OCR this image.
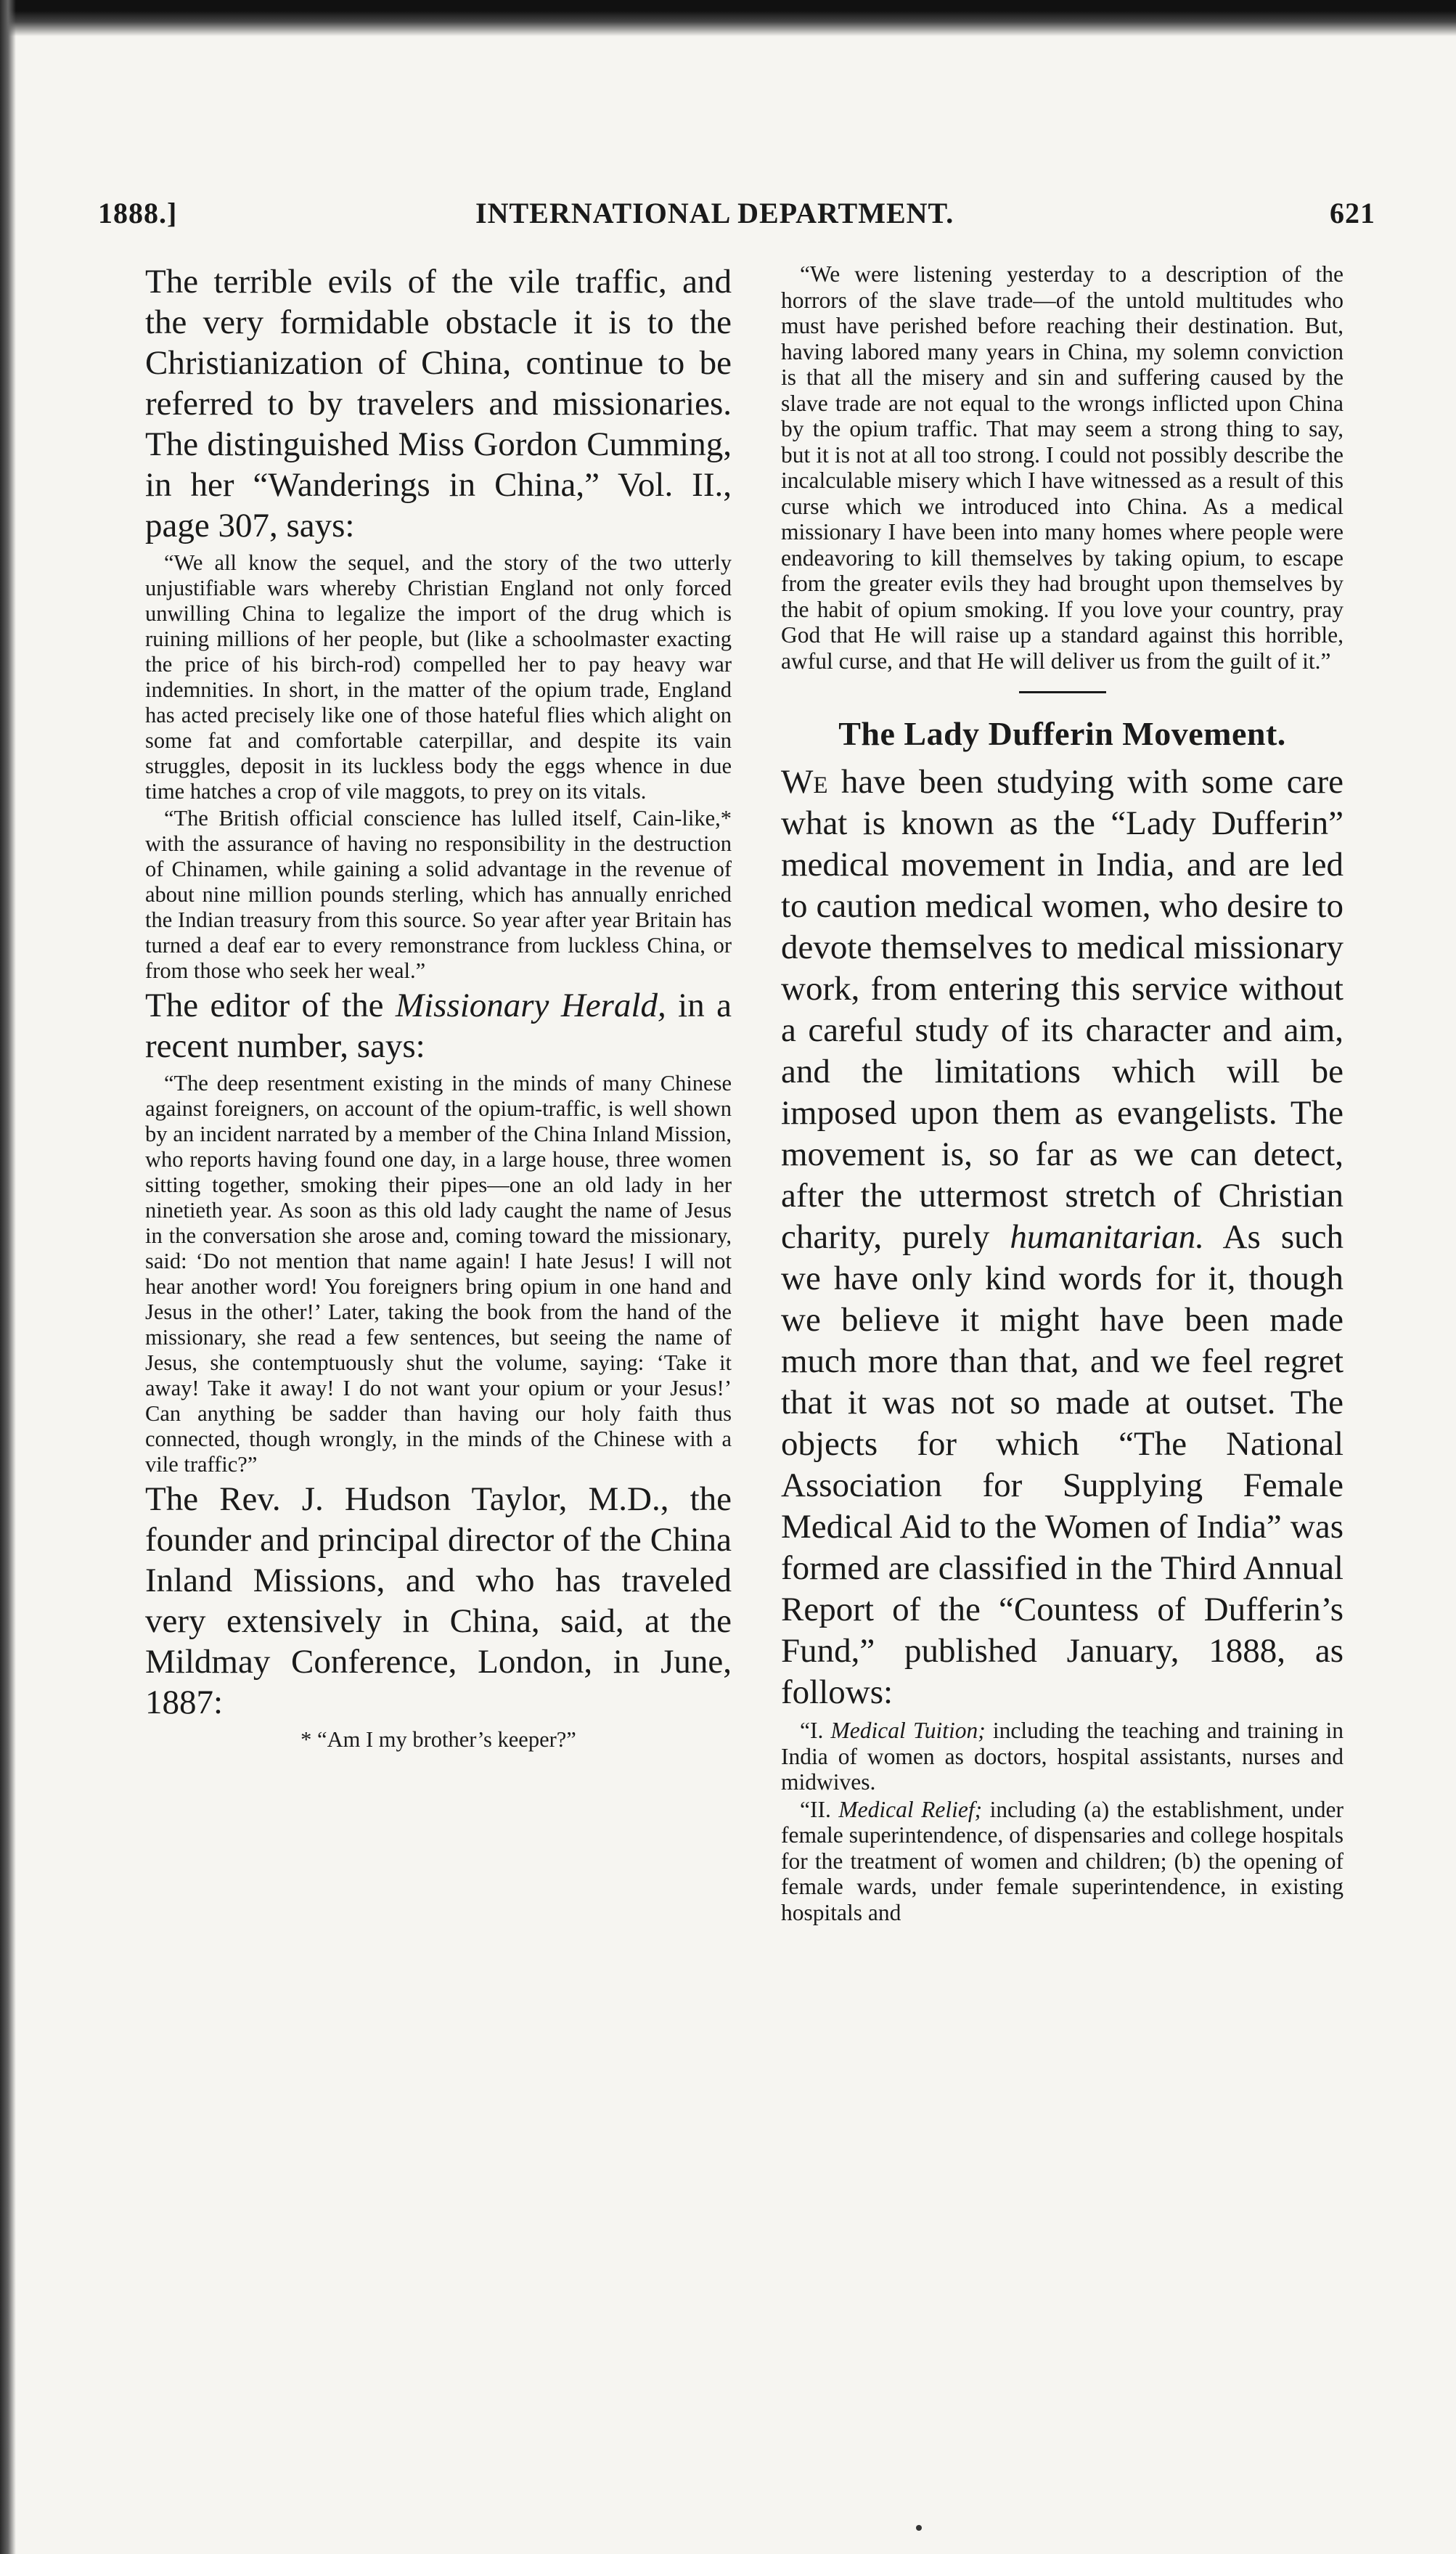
1888.]	INTERNATIONAL DEPARTMENT.	621

The terrible evils of the vile traffic, and the very formidable obstacle it is to the Christianization of China, continue to be referred to by travelers and missionaries. The distinguished Miss Gordon Cumming, in her “Wanderings in China,” Vol. II., page 307, says:

“We all know the sequel, and the story of the two utterly unjustifiable wars whereby Christian England not only forced unwilling China to legalize the import of the drug which is ruining millions of her people, but (like a schoolmaster exacting the price of his birch-rod) compelled her to pay heavy war indemnities. In short, in the matter of the opium trade, England has acted precisely like one of those hateful flies which alight on some fat and comfortable caterpillar, and despite its vain struggles, deposit in its luckless body the eggs whence in due time hatches a crop of vile maggots, to prey on its vitals.

“The British official conscience has lulled itself, Cain-like,* with the assurance of having no responsibility in the destruction of Chinamen, while gaining a solid advantage in the revenue of about nine million pounds sterling, which has annually enriched the Indian treasury from this source. So year after year Britain has turned a deaf ear to every remonstrance from luckless China, or from those who seek her weal.”

The editor of the Missionary Herald, in a recent number, says:

“The deep resentment existing in the minds of many Chinese against foreigners, on account of the opium-traffic, is well shown by an incident narrated by a member of the China Inland Mission, who reports having found one day, in a large house, three women sitting together, smoking their pipes—one an old lady in her ninetieth year. As soon as this old lady caught the name of Jesus in the conversation she arose and, coming toward the missionary, said: ‘Do not mention that name again! I hate Jesus! I will not hear another word! You foreigners bring opium in one hand and Jesus in the other!’ Later, taking the book from the hand of the missionary, she read a few sentences, but seeing the name of Jesus, she contemptuously shut the volume, saying: ‘Take it away! Take it away! I do not want your opium or your Jesus!’ Can anything be sadder than having our holy faith thus connected, though wrongly, in the minds of the Chinese with a vile traffic?”

The Rev. J. Hudson Taylor, M.D., the founder and principal director of the China Inland Missions, and who has traveled very extensively in China, said, at the Mildmay Conference, London, in June, 1887:

* “Am I my brother’s keeper?”

“We were listening yesterday to a description of the horrors of the slave trade—of the untold multitudes who must have perished before reaching their destination. But, having labored many years in China, my solemn conviction is that all the misery and sin and suffering caused by the slave trade are not equal to the wrongs inflicted upon China by the opium traffic. That may seem a strong thing to say, but it is not at all too strong. I could not possibly describe the incalculable misery which I have witnessed as a result of this curse which we introduced into China. As a medical missionary I have been into many homes where people were endeavoring to kill themselves by taking opium, to escape from the greater evils they had brought upon themselves by the habit of opium smoking. If you love your country, pray God that He will raise up a standard against this horrible, awful curse, and that He will deliver us from the guilt of it.”

The Lady Dufferin Movement.

We have been studying with some care what is known as the “Lady Dufferin” medical movement in India, and are led to caution medical women, who desire to devote themselves to medical missionary work, from entering this service without a careful study of its character and aim, and the limitations which will be imposed upon them as evangelists. The movement is, so far as we can detect, after the uttermost stretch of Christian charity, purely humanitarian. As such we have only kind words for it, though we believe it might have been made much more than that, and we feel regret that it was not so made at outset. The objects for which “The National Association for Supplying Female Medical Aid to the Women of India” was formed are classified in the Third Annual Report of the “Countess of Dufferin’s Fund,” published January, 1888, as follows:

“I. Medical Tuition; including the teaching and training in India of women as doctors, hospital assistants, nurses and midwives.

“II. Medical Relief; including (a) the establishment, under female superintendence, of dispensaries and college hospitals for the treatment of women and children; (b) the opening of female wards, under female superintendence, in existing hospitals and
